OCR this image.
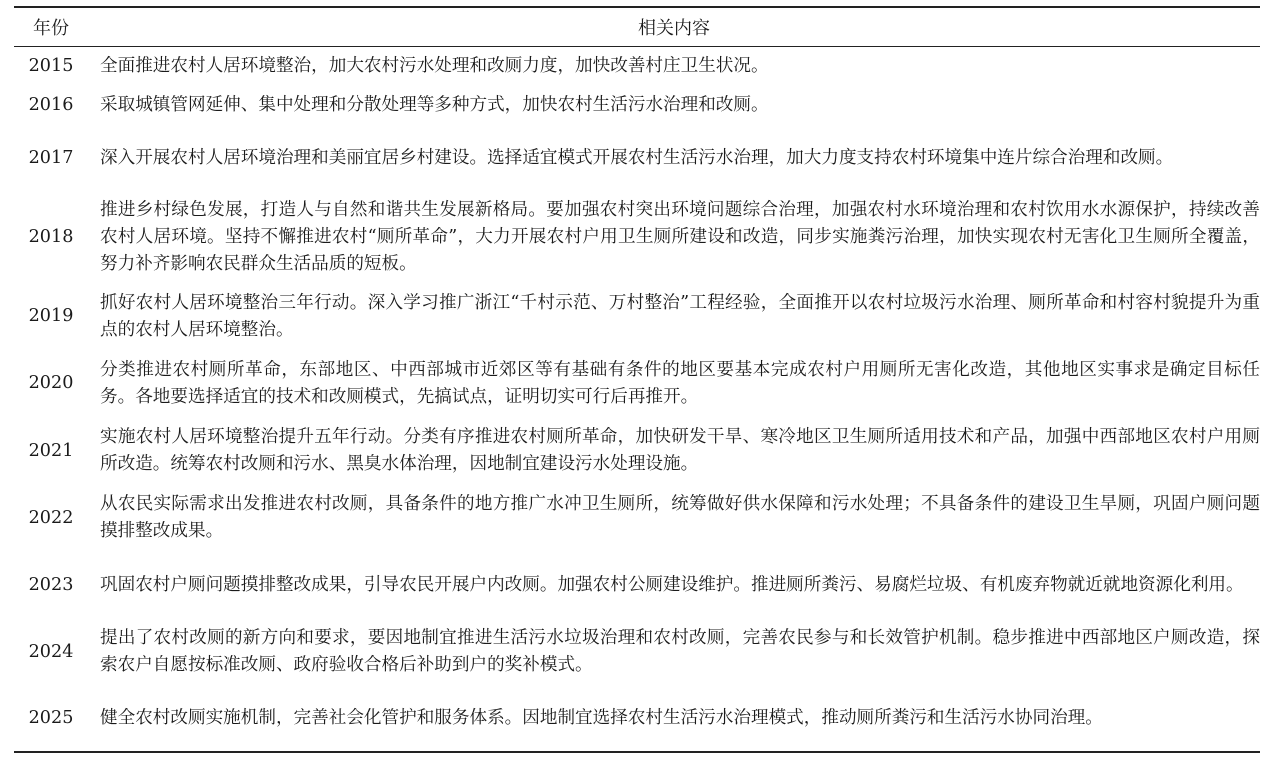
年份	相关内容
2015	全面推进农村人居环境整治，加大农村污水处理和改厕力度，加快改善村庄卫生状况。
2016	采取城镇管网延伸、集中处理和分散处理等多种方式，加快农村生活污水治理和改厕。
2017	深入开展农村人居环境治理和美丽宜居乡村建设。选择适宜模式开展农村生活污水治理，加大力度支持农村环境集中连片综合治理和改厕。
2018	推进乡村绿色发展，打造人与自然和谐共生发展新格局。要加强农村突出环境问题综合治理，加强农村水环境治理和农村饮用水水源保护，持续改善农村人居环境。坚持不懈推进农村“厕所革命”，大力开展农村户用卫生厕所建设和改造，同步实施粪污治理，加快实现农村无害化卫生厕所全覆盖，努力补齐影响农民群众生活品质的短板。
2019	抓好农村人居环境整治三年行动。深入学习推广浙江“千村示范、万村整治”工程经验，全面推开以农村垃圾污水治理、厕所革命和村容村貌提升为重点的农村人居环境整治。
2020	分类推进农村厕所革命，东部地区、中西部城市近郊区等有基础有条件的地区要基本完成农村户用厕所无害化改造，其他地区实事求是确定目标任务。各地要选择适宜的技术和改厕模式，先搞试点，证明切实可行后再推开。
2021	实施农村人居环境整治提升五年行动。分类有序推进农村厕所革命，加快研发干旱、寒冷地区卫生厕所适用技术和产品，加强中西部地区农村户用厕所改造。统筹农村改厕和污水、黑臭水体治理，因地制宜建设污水处理设施。
2022	从农民实际需求出发推进农村改厕，具备条件的地方推广水冲卫生厕所，统筹做好供水保障和污水处理；不具备条件的建设卫生旱厕，巩固户厕问题摸排整改成果。
2023	巩固农村户厕问题摸排整改成果，引导农民开展户内改厕。加强农村公厕建设维护。推进厕所粪污、易腐烂垃圾、有机废弃物就近就地资源化利用。
2024	提出了农村改厕的新方向和要求，要因地制宜推进生活污水垃圾治理和农村改厕，完善农民参与和长效管护机制。稳步推进中西部地区户厕改造，探索农户自愿按标准改厕、政府验收合格后补助到户的奖补模式。
2025	健全农村改厕实施机制，完善社会化管护和服务体系。因地制宜选择农村生活污水治理模式，推动厕所粪污和生活污水协同治理。
